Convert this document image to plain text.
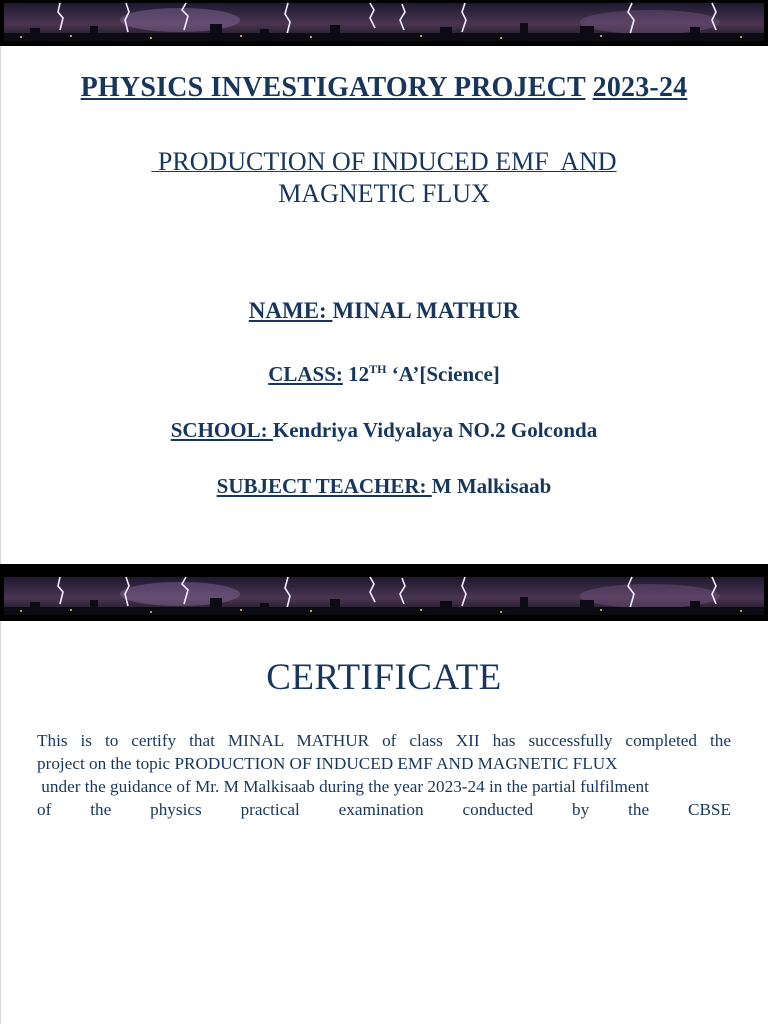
PHYSICS INVESTIGATORY PROJECT 2023-24
PRODUCTION OF INDUCED EMF  AND
MAGNETIC FLUX
NAME: MINAL MATHUR
CLASS: 12TH ‘A’[Science]
SCHOOL: Kendriya Vidyalaya NO.2 Golconda
SUBJECT TEACHER: M Malkisaab
CERTIFICATE
This is to certify that MINAL MATHUR of class XII has successfully completed the
project on the topic PRODUCTION OF INDUCED EMF AND MAGNETIC FLUX
under the guidance of Mr. M Malkisaab during the year 2023-24 in the partial fulfilment
of the physics practical examination conducted by the CBSE
